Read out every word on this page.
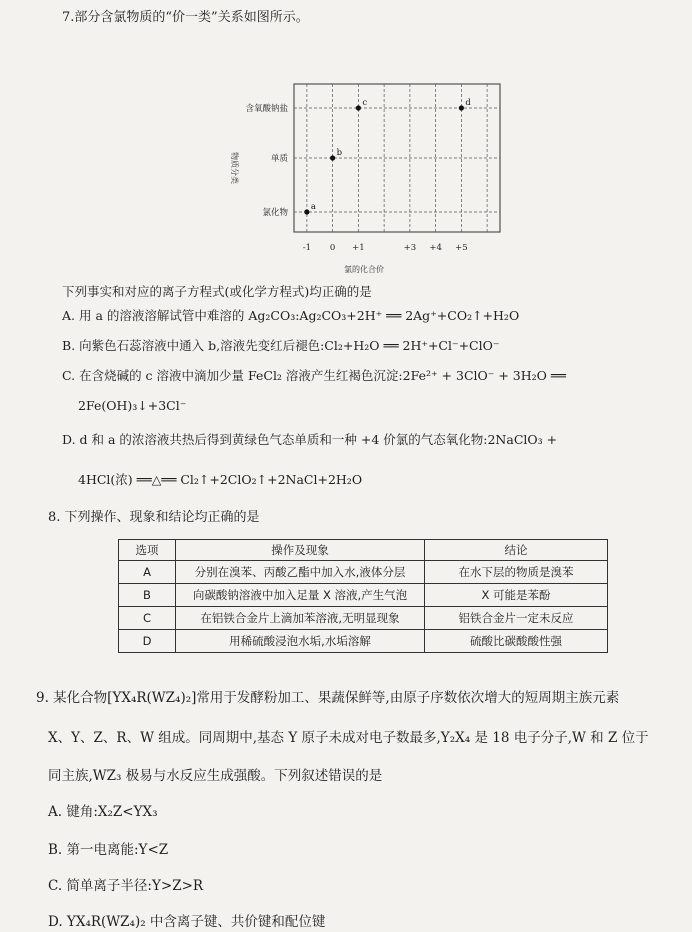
7.部分含氯物质的“价一类”关系如图所示。
氯化物
单质
含氧酸钠盐
-1 0 +1	+3 +4 +5
a
b
c	d
物质分类
氯的化合价
下列事实和对应的离子方程式(或化学方程式)均正确的是
A. 用 a 的溶液溶解试管中难溶的 Ag₂CO₃:Ag₂CO₃+2H⁺ ══ 2Ag⁺+CO₂↑+H₂O
B. 向紫色石蕊溶液中通入 b,溶液先变红后褪色:Cl₂+H₂O ══ 2H⁺+Cl⁻+ClO⁻
C. 在含烧碱的 c 溶液中滴加少量 FeCl₂ 溶液产生红褐色沉淀:2Fe²⁺ + 3ClO⁻ + 3H₂O ══
2Fe(OH)₃↓+3Cl⁻
D. d 和 a 的浓溶液共热后得到黄绿色气态单质和一种 +4 价氯的气态氧化物:2NaClO₃ +
4HCl(浓) ══△══ Cl₂↑+2ClO₂↑+2NaCl+2H₂O
8. 下列操作、现象和结论均正确的是
选项	操作及现象	结论
A	分别在溴苯、丙酸乙酯中加入水,液体分层	在水下层的物质是溴苯
B	向碳酸钠溶液中加入足量 X 溶液,产生气泡	X 可能是苯酚
C	在铝铁合金片上滴加苯溶液,无明显现象	铝铁合金片一定未反应
D	用稀硫酸浸泡水垢,水垢溶解	硫酸比碳酸酸性强
9. 某化合物[YX₄R(WZ₄)₂]常用于发酵粉加工、果蔬保鲜等,由原子序数依次增大的短周期主族元素
X、Y、Z、R、W 组成。同周期中,基态 Y 原子未成对电子数最多,Y₂X₄ 是 18 电子分子,W 和 Z 位于
同主族,WZ₃ 极易与水反应生成强酸。下列叙述错误的是
A. 键角:X₂Z<YX₃
B. 第一电离能:Y<Z
C. 简单离子半径:Y>Z>R
D. YX₄R(WZ₄)₂ 中含离子键、共价键和配位键
